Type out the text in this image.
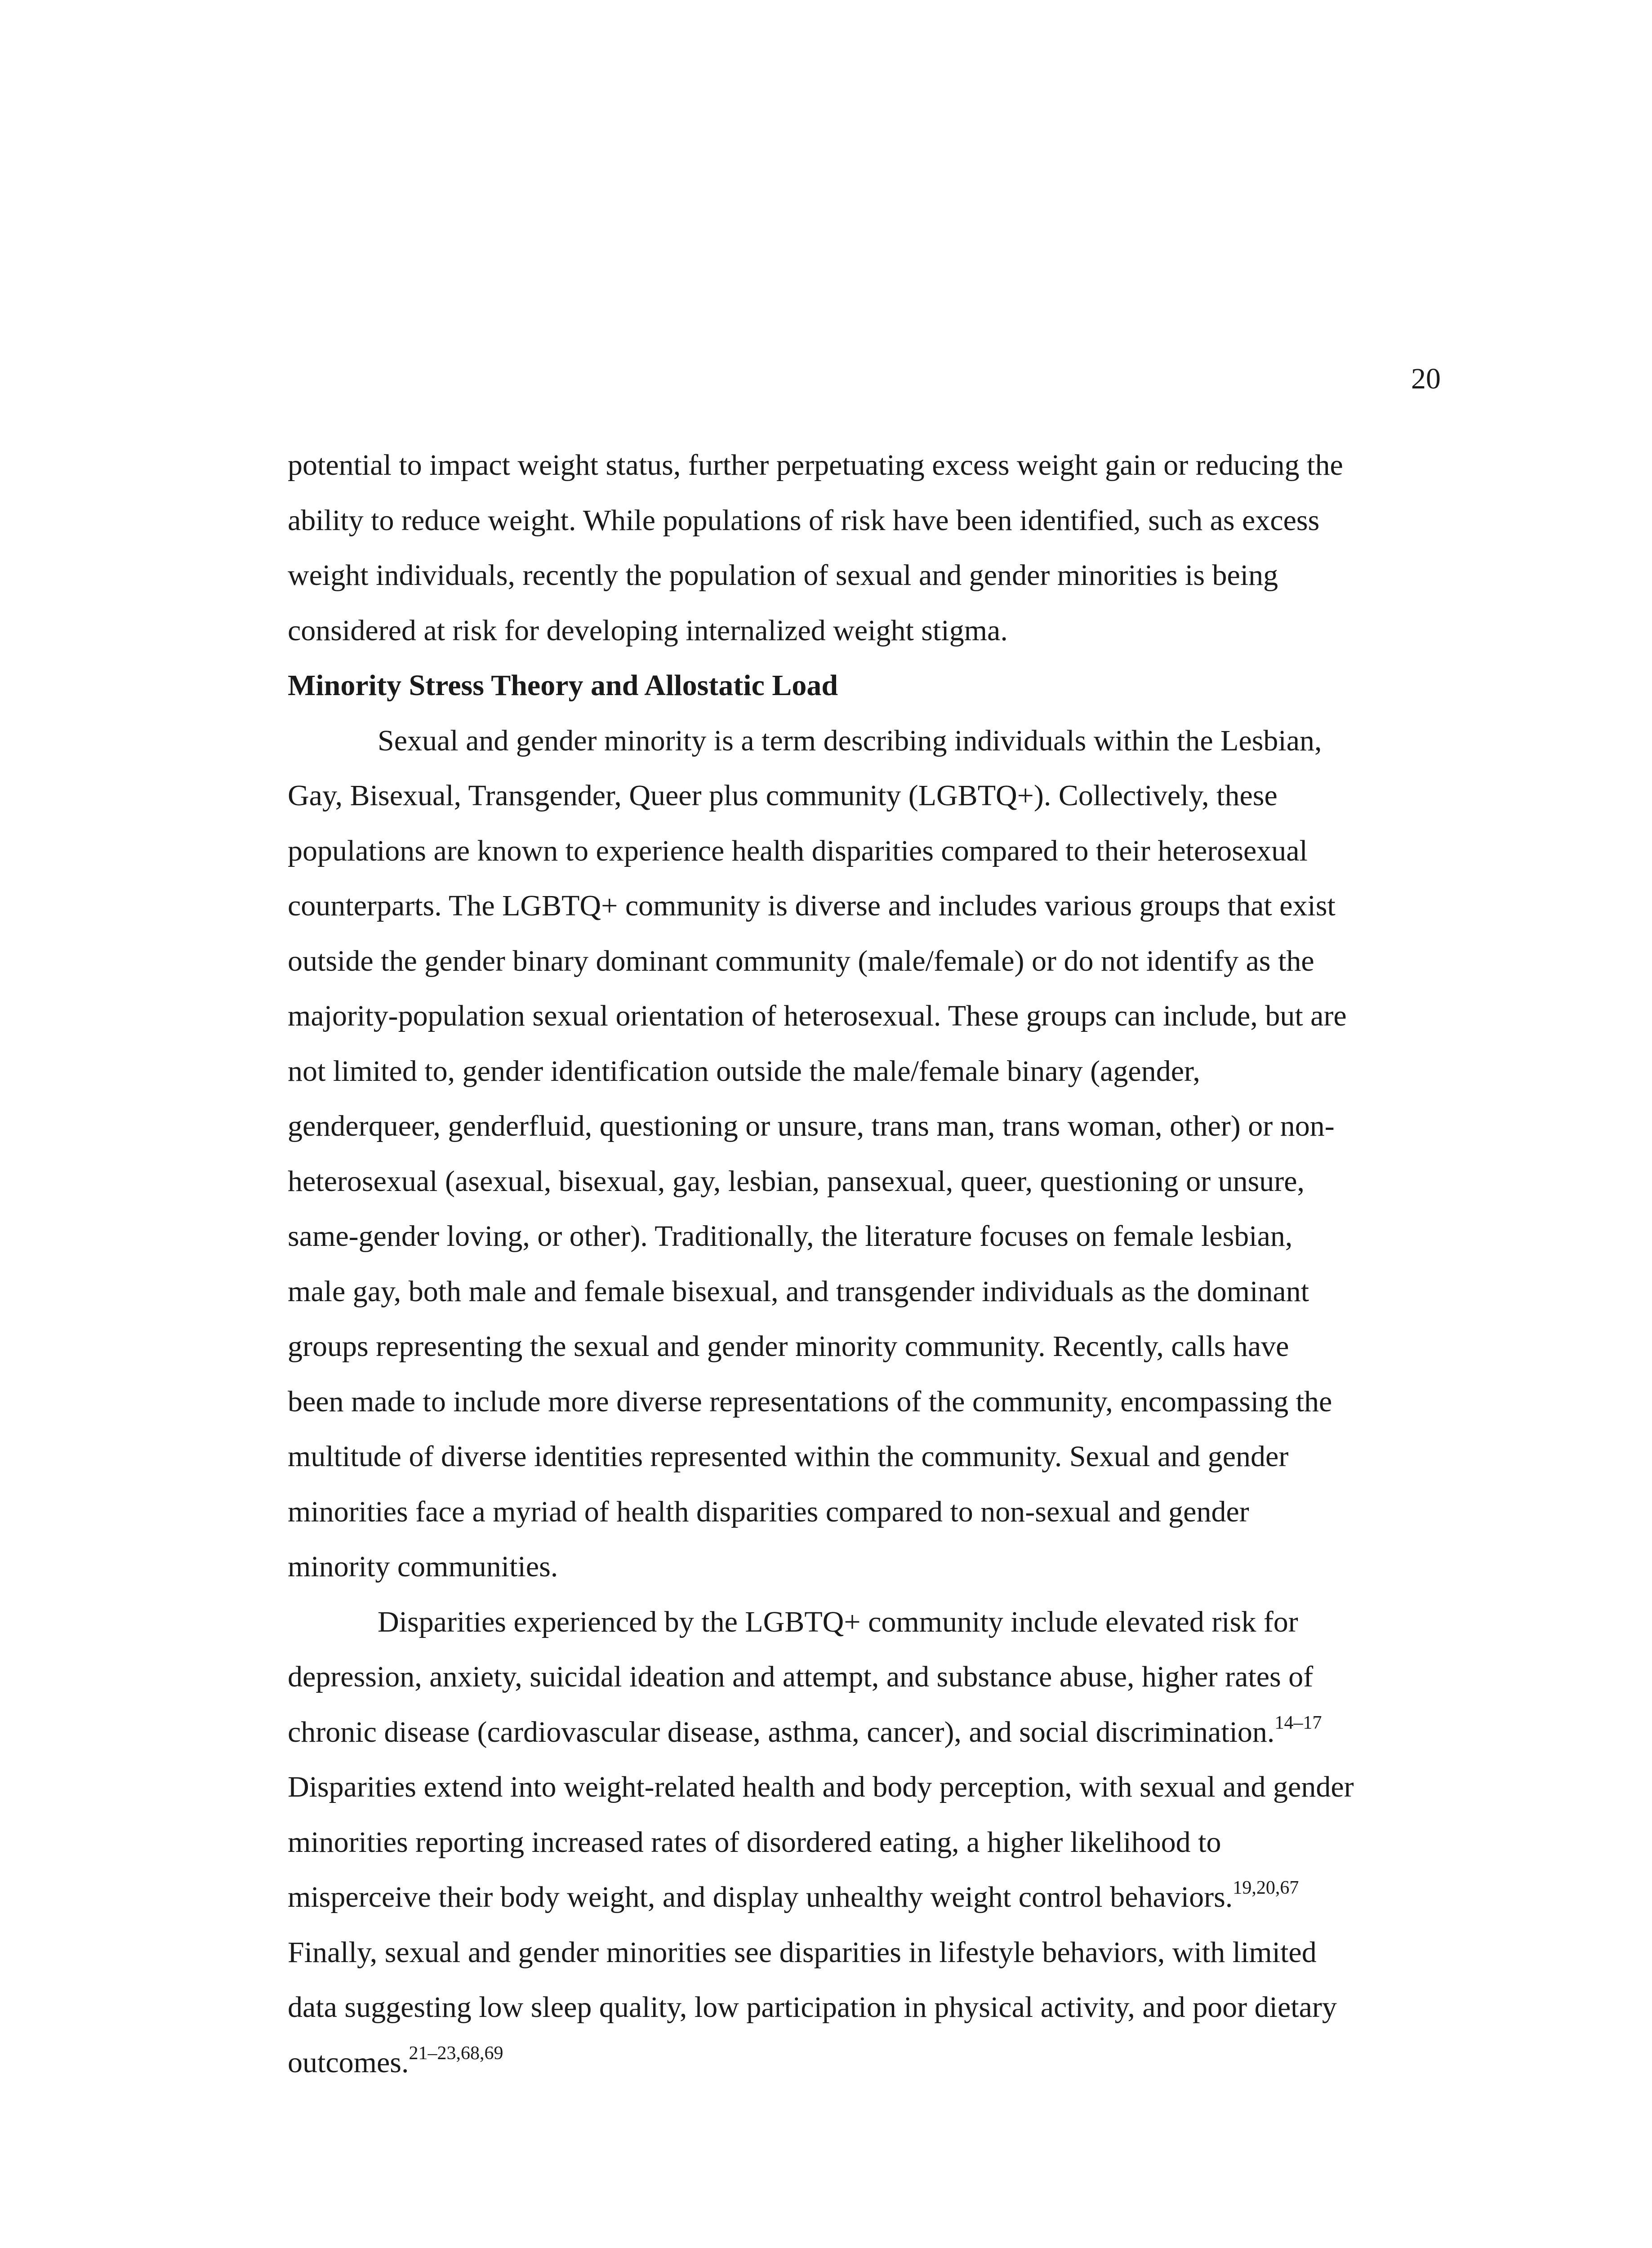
20

potential to impact weight status, further perpetuating excess weight gain or reducing the
ability to reduce weight. While populations of risk have been identified, such as excess
weight individuals, recently the population of sexual and gender minorities is being
considered at risk for developing internalized weight stigma.

Minority Stress Theory and Allostatic Load

Sexual and gender minority is a term describing individuals within the Lesbian,
Gay, Bisexual, Transgender, Queer plus community (LGBTQ+). Collectively, these
populations are known to experience health disparities compared to their heterosexual
counterparts. The LGBTQ+ community is diverse and includes various groups that exist
outside the gender binary dominant community (male/female) or do not identify as the
majority-population sexual orientation of heterosexual. These groups can include, but are
not limited to, gender identification outside the male/female binary (agender,
genderqueer, genderfluid, questioning or unsure, trans man, trans woman, other) or non-
heterosexual (asexual, bisexual, gay, lesbian, pansexual, queer, questioning or unsure,
same-gender loving, or other). Traditionally, the literature focuses on female lesbian,
male gay, both male and female bisexual, and transgender individuals as the dominant
groups representing the sexual and gender minority community. Recently, calls have
been made to include more diverse representations of the community, encompassing the
multitude of diverse identities represented within the community. Sexual and gender
minorities face a myriad of health disparities compared to non-sexual and gender
minority communities.

Disparities experienced by the LGBTQ+ community include elevated risk for
depression, anxiety, suicidal ideation and attempt, and substance abuse, higher rates of
chronic disease (cardiovascular disease, asthma, cancer), and social discrimination.$^{14-17}$
Disparities extend into weight-related health and body perception, with sexual and gender
minorities reporting increased rates of disordered eating, a higher likelihood to
misperceive their body weight, and display unhealthy weight control behaviors.$^{19,20,67}$
Finally, sexual and gender minorities see disparities in lifestyle behaviors, with limited
data suggesting low sleep quality, low participation in physical activity, and poor dietary
outcomes.$^{21-23,68,69}$
